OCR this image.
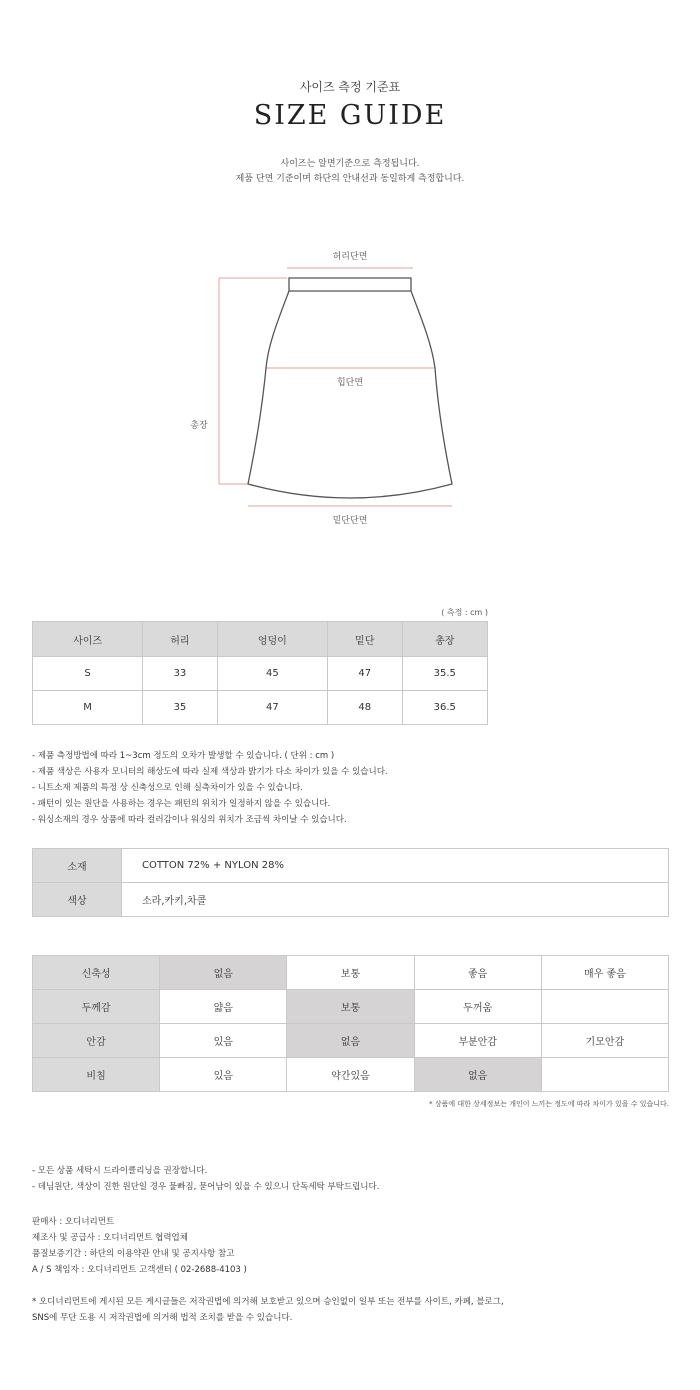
사이즈 측정 기준표
SIZE GUIDE
사이즈는 알면기준으로 측정됩니다.
제품 단면 기준이며 하단의 안내선과 동일하게 측정합니다.
허리단면
힙단면
총장
밑단단면
( 측정 : cm )
사이즈	허리	엉덩이	밑단	총장
S	33	45	47	35.5
M	35	47	48	36.5
- 제품 측정방법에 따라 1~3cm 정도의 오차가 발생할 수 있습니다. ( 단위 : cm )
- 제품 색상은 사용자 모니터의 해상도에 따라 실제 색상과 밝기가 다소 차이가 있을 수 있습니다.
- 니트소재 제품의 특정 상 신축성으로 인해 실측차이가 있을 수 있습니다.
- 패턴이 있는 원단을 사용하는 경우는 패턴의 위치가 일정하지 않을 수 있습니다.
- 워싱소재의 경우 상품에 따라 컬러감이나 워싱의 위치가 조금씩 차이날 수 있습니다.
소재	COTTON 72% + NYLON 28%
색상	소라,카키,차콜
신축성	없음	보통	좋음	매우 좋음
두께감	얇음	보통	두꺼움	
안감	있음	없음	부분안감	기모안감
비침	있음	약간있음	없음	
* 상품에 대한 상세정보는 개인이 느끼는 정도에 따라 차이가 있을 수 있습니다.
- 모든 상품 세탁시 드라이클리닝을 권장합니다.
- 데님원단, 색상이 진한 원단일 경우 물빠짐, 묻어남이 있을 수 있으니 단독세탁 부탁드립니다.
판매사 : 오디너리먼트
제조사 및 공급사 : 오디너리먼트 협력업체
품질보증기간 : 하단의 이용약관 안내 및 공지사항 참고
A / S 책임자 : 오디너리먼트 고객센터 ( 02-2688-4103 )
* 오디너리먼트에 게시된 모든 게시글들은 저작권법에 의거해 보호받고 있으며 승인없이 일부 또는 전부를 사이트, 카페, 블로그,
SNS에 무단 도용 시 저작권법에 의거해 법적 조치를 받을 수 있습니다.
